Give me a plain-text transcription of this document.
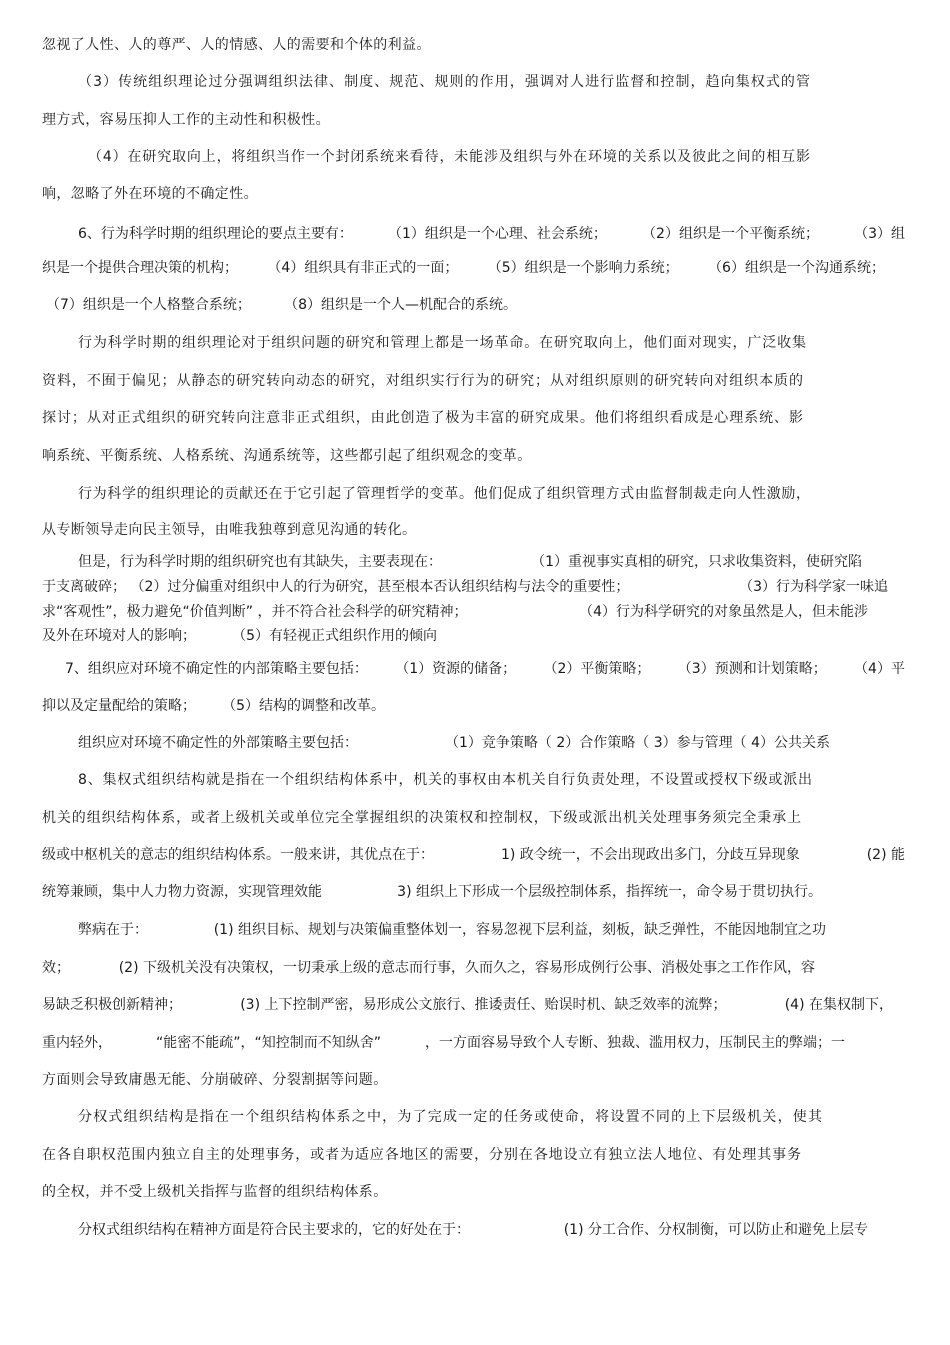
忽视了人性、人的尊严、人的情感、人的需要和个体的利益。
（3）传统组织理论过分强调组织法律、制度、规范、规则的作用，强调对人进行监督和控制，趋向集权式的管
理方式，容易压抑人工作的主动性和积极性。
（4）在研究取向上，将组织当作一个封闭系统来看待，未能涉及组织与外在环境的关系以及彼此之间的相互影
响，忽略了外在环境的不确定性。
6、行为科学时期的组织理论的要点主要有：	（1）组织是一个心理、社会系统；	（2）组织是一个平衡系统；	（3）组
织是一个提供合理决策的机构； （4）组织具有非正式的一面； （5）组织是一个影响力系统； （6）组织是一个沟通系统；
（7）组织是一个人格整合系统； （8）组织是一个人—机配合的系统。
行为科学时期的组织理论对于组织问题的研究和管理上都是一场革命。在研究取向上，他们面对现实，广泛收集
资料，不囿于偏见；从静态的研究转向动态的研究，对组织实行行为的研究；从对组织原则的研究转向对组织本质的
探讨；从对正式组织的研究转向注意非正式组织，由此创造了极为丰富的研究成果。他们将组织看成是心理系统、影
响系统、平衡系统、人格系统、沟通系统等，这些都引起了组织观念的变革。
行为科学的组织理论的贡献还在于它引起了管理哲学的变革。他们促成了组织管理方式由监督制裁走向人性激励，
从专断领导走向民主领导，由唯我独尊到意见沟通的转化。
但是，行为科学时期的组织研究也有其缺失，主要表现在：	（1）重视事实真相的研究，只求收集资料，使研究陷
于支离破碎； （2）过分偏重对组织中人的行为研究，甚至根本否认组织结构与法令的重要性；	（3）行为科学家一味追
求“客观性”，极力避免“价值判断” ，并不符合社会科学的研究精神；	（4）行为科学研究的对象虽然是人，但未能涉
及外在环境对人的影响；	（5）有轻视正式组织作用的倾向
7、组织应对环境不确定性的内部策略主要包括： （1）资源的储备； （2）平衡策略； （3）预测和计划策略； （4）平
抑以及定量配给的策略； （5）结构的调整和改革。
组织应对环境不确定性的外部策略主要包括：	（1）竞争策略（ 2）合作策略（ 3）参与管理（ 4）公共关系
8、集权式组织结构就是指在一个组织结构体系中，机关的事权由本机关自行负责处理，不设置或授权下级或派出
机关的组织结构体系，或者上级机关或单位完全掌握组织的决策权和控制权，下级或派出机关处理事务须完全秉承上
级或中枢机关的意志的组织结构体系。一般来讲，其优点在于：	1) 政令统一，不会出现政出多门，分歧互异现象	(2) 能
统筹兼顾，集中人力物力资源，实现管理效能	3) 组织上下形成一个层级控制体系，指挥统一，命令易于贯切执行。
弊病在于：	(1) 组织目标、规划与决策偏重整体划一，容易忽视下层利益，刻板，缺乏弹性，不能因地制宜之功
效；	(2) 下级机关没有决策权，一切秉承上级的意志而行事，久而久之，容易形成例行公事、消极处事之工作作风，容
易缺乏积极创新精神；	(3) 上下控制严密，易形成公文旅行、推诿责任、贻误时机、缺乏效率的流弊；	(4) 在集权制下，
重内轻外，	“能密不能疏”，“知控制而不知纵舍”	，一方面容易导致个人专断、独裁、滥用权力，压制民主的弊端；一
方面则会导致庸愚无能、分崩破碎、分裂割据等问题。
分权式组织结构是指在一个组织结构体系之中，为了完成一定的任务或使命，将设置不同的上下层级机关，使其
在各自职权范围内独立自主的处理事务，或者为适应各地区的需要，分别在各地设立有独立法人地位、有处理其事务
的全权，并不受上级机关指挥与监督的组织结构体系。
分权式组织结构在精神方面是符合民主要求的，它的好处在于：	(1) 分工合作、分权制衡，可以防止和避免上层专
